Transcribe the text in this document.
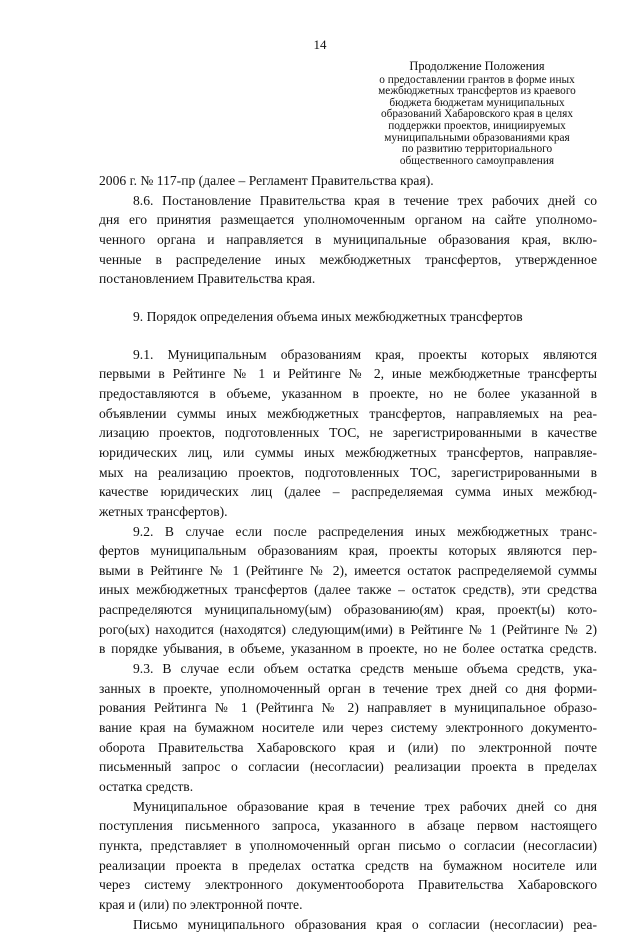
14
Продолжение Положения
о предоставлении грантов в форме иных
межбюджетных трансфертов из краевого
бюджета бюджетам муниципальных
образований Хабаровского края в целях
поддержки проектов, инициируемых
муниципальными образованиями края
по развитию территориального
общественного самоуправления

2006 г. № 117-пр (далее – Регламент Правительства края).

8.6. Постановление Правительства края в течение трех рабочих дней со
дня его принятия размещается уполномоченным органом на сайте уполномо-
ченного органа и направляется в муниципальные образования края, вклю-
ченные в распределение иных межбюджетных трансфертов, утвержденное
постановлением Правительства края.

9. Порядок определения объема иных межбюджетных трансфертов

9.1. Муниципальным образованиям края, проекты которых являются
первыми в Рейтинге № 1 и Рейтинге № 2, иные межбюджетные трансферты
предоставляются в объеме, указанном в проекте, но не более указанной в
объявлении суммы иных межбюджетных трансфертов, направляемых на реа-
лизацию проектов, подготовленных ТОС, не зарегистрированными в качестве
юридических лиц, или суммы иных межбюджетных трансфертов, направляе-
мых на реализацию проектов, подготовленных ТОС, зарегистрированными в
качестве юридических лиц (далее – распределяемая сумма иных межбюд-
жетных трансфертов).

9.2. В случае если после распределения иных межбюджетных транс-
фертов муниципальным образованиям края, проекты которых являются пер-
выми в Рейтинге № 1 (Рейтинге № 2), имеется остаток распределяемой суммы
иных межбюджетных трансфертов (далее также – остаток средств), эти средства
распределяются муниципальному(ым) образованию(ям) края, проект(ы) кото-
рого(ых) находится (находятся) следующим(ими) в Рейтинге № 1 (Рейтинге № 2)
в порядке убывания, в объеме, указанном в проекте, но не более остатка средств.

9.3. В случае если объем остатка средств меньше объема средств, ука-
занных в проекте, уполномоченный орган в течение трех дней со дня форми-
рования Рейтинга № 1 (Рейтинга № 2) направляет в муниципальное образо-
вание края на бумажном носителе или через систему электронного документо-
оборота Правительства Хабаровского края и (или) по электронной почте
письменный запрос о согласии (несогласии) реализации проекта в пределах
остатка средств.

Муниципальное образование края в течение трех рабочих дней со дня
поступления письменного запроса, указанного в абзаце первом настоящего
пункта, представляет в уполномоченный орган письмо о согласии (несогласии)
реализации проекта в пределах остатка средств на бумажном носителе или
через систему электронного документооборота Правительства Хабаровского
края и (или) по электронной почте.

Письмо муниципального образования края о согласии (несогласии) реа-
